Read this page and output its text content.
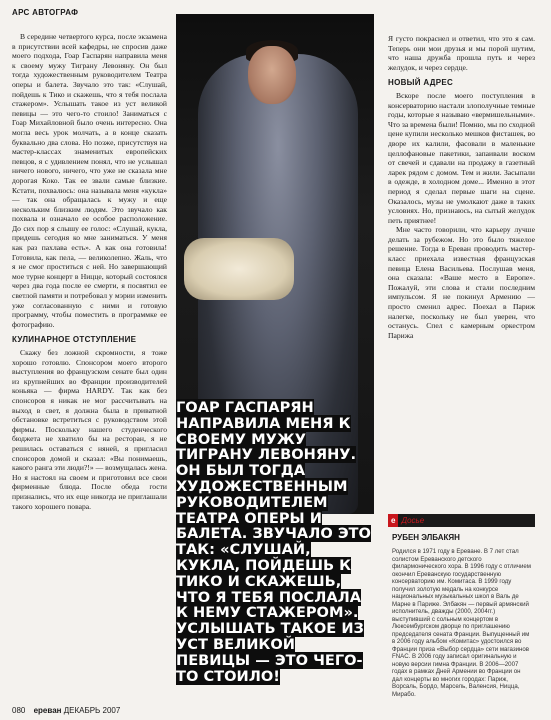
АРС АВТОГРАФ

В середине четвертого курса, после экзамена в присутствии всей кафедры, не спросив даже моего подхода, Гоар Гаспарян направила меня к своему мужу Тиграну Левоняну. Он был тогда художественным руководителем Театра оперы и балета. Звучало это так: «Слушай, пойдешь к Тико и скажешь, что я тебя послала стажером». Услышать такое из уст великой певицы — это чего-то стоило! Заниматься с Гоар Михайловной было очень интересно. Она могла весь урок молчать, а в конце сказать буквально два слова. Но позже, присутствуя на мастер-классах знаменитых европейских певцов, я с удивлением понял, что не услышал ничего нового, ничего, что уже не сказала мне дорогая Коко. Так ее звали самые близкие. Кстати, похвалюсь: она называла меня «кукла» — так она обращалась к мужу и еще нескольким близким людям. Это звучало как похвала и означало ее особое расположение. До сих пор я слышу ее голос: «Слушай, кукла, придешь сегодня ко мне заниматься. У меня как раз пахлава есть». А как она готовила! Готовила, как пела, — великолепно. Жаль, что я не смог проститься с ней. Но завершающий мое турне концерт в Ницце, который состоялся через два года после ее смерти, я посвятил ее светлой памяти и потребовал у мэрии изменить уже согласованную с ними и готовую программу, чтобы поместить в программке ее фотографию.

КУЛИНАРНОЕ ОТСТУПЛЕНИЕ

Скажу без ложной скромности, я тоже хорошо готовлю. Спонсором моего второго выступления во французском сенате был один из крупнейших во Франции производителей коньяка — фирма HARDY. Так как без спонсоров я никак не мог рассчитывать на выход в свет, я должна была в приватной обстановке встретиться с руководством этой фирмы. Поскольку нашего студенческого бюджета не хватило бы на ресторан, я не решилась оставаться с няней, я пригласил спонсоров домой и сказал: «Вы понимаешь, какого ранга эти люди?!» — возмущалась жена. Но я настоял на своем и приготовил все свои фирменные блюда. После обеда гости признались, что их еще никогда не приглашали такого хорошего повара.

ГОАР ГАСПАРЯН НАПРАВИЛА МЕНЯ К СВОЕМУ МУЖУ ТИГРАНУ ЛЕВОНЯНУ. ОН БЫЛ ТОГДА ХУДОЖЕСТВЕННЫМ РУКОВОДИТЕЛЕМ ТЕАТРА ОПЕРЫ И БАЛЕТА. ЗВУЧАЛО ЭТО ТАК: «СЛУШАЙ, КУКЛА, ПОЙДЕШЬ К ТИКО И СКАЖЕШЬ, ЧТО Я ТЕБЯ ПОСЛАЛА К НЕМУ СТАЖЕРОМ». УСЛЫШАТЬ ТАКОЕ ИЗ УСТ ВЕЛИКОЙ ПЕВИЦЫ — ЭТО ЧЕГО-ТО СТОИЛО!

Я густо покраснел и ответил, что это я сам. Теперь они мои друзья и мы порой шутим, что наша дружба прошла путь и через желудок, и через сердце.

НОВЫЙ АДРЕС

Вскоре после моего поступления в консерваторию настали злополучные темные годы, которые я называю «вермишельными». Что за времена были! Помню, мы по сходной цене купили несколько мешков фисташек, во дворе их калили, фасовали в маленькие целлофановые пакетики, запаивали воском от свечей и сдавали на продажу в газетный ларек рядом с домом. Тем и жили. Засыпали в одежде, в холодном доме... Именно в этот период я сделал первые шаги на сцене. Оказалось, музы не умолкают даже в таких условиях. Но, признаюсь, на сытый желудок петь приятнее!

Мне часто говорили, что карьеру лучше делать за рубежом. Но это было тяжелое решение. Тогда в Ереван проводить мастер-класс приехала известная французская певица Елена Васильева. Послушав меня, она сказала: «Ваше место в Европе». Пожалуй, эти слова и стали последним импульсом. Я не покинул Армению — просто сменил адрес. Поехал в Париж налегке, поскольку не был уверен, что останусь. Спел с камерным оркестром Парижа

е Досье
РУБЕН ЭЛБАКЯН

Родился в 1971 году в Ереване. В 7 лет стал солистом Ереванского детского филармонического хора. В 1996 году с отличием окончил Ереванскую государственную консерваторию им. Комитаса. В 1999 году получил золотую медаль на конкурсе национальных музыкальных школ в Валь де Марне в Париже. Элбакян — первый армянский исполнитель, дважды (2000, 2004гг.) выступивший с сольным концертом в Люксембургском дворце по приглашению председателя сената Франции. Выпущенный им в 2006 году альбом «Комитас» удостоился во Франции приза «Выбор сердца» сети магазинов FNAC. В 2006 году записал оригинальную и новую версии гимна Франции. В 2006—2007 годах в рамках Дней Армении во Франции он дал концерты во многих городах: Париж, Ворсаль, Бордо, Марсель, Валенсия, Ницца, Мирабо.

080 ереван ДЕКАБРЬ 2007
